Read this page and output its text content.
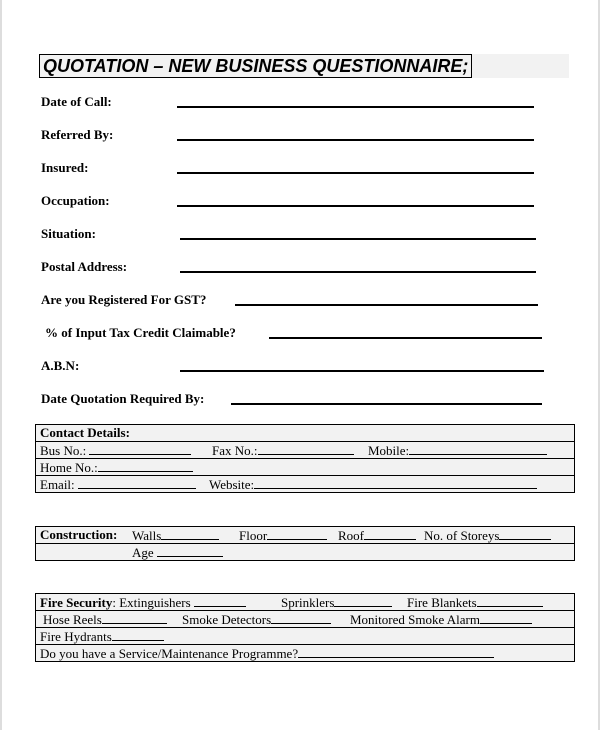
QUOTATION – NEW BUSINESS QUESTIONNAIRE;
Date of Call:
Referred By:
Insured:
Occupation:
Situation:
Postal Address:
Are you Registered For GST?
% of Input Tax Credit Claimable?
A.B.N:
Date Quotation Required By:
Contact Details:
Bus No.:	Fax No.:	Mobile:
Home No.:
Email:	Website:
Construction: Walls	Floor	Roof	No. of Storeys
Age
Fire Security: Extinguishers	Sprinklers	Fire Blankets
Hose Reels	Smoke Detectors	Monitored Smoke Alarm
Fire Hydrants
Do you have a Service/Maintenance Programme?
